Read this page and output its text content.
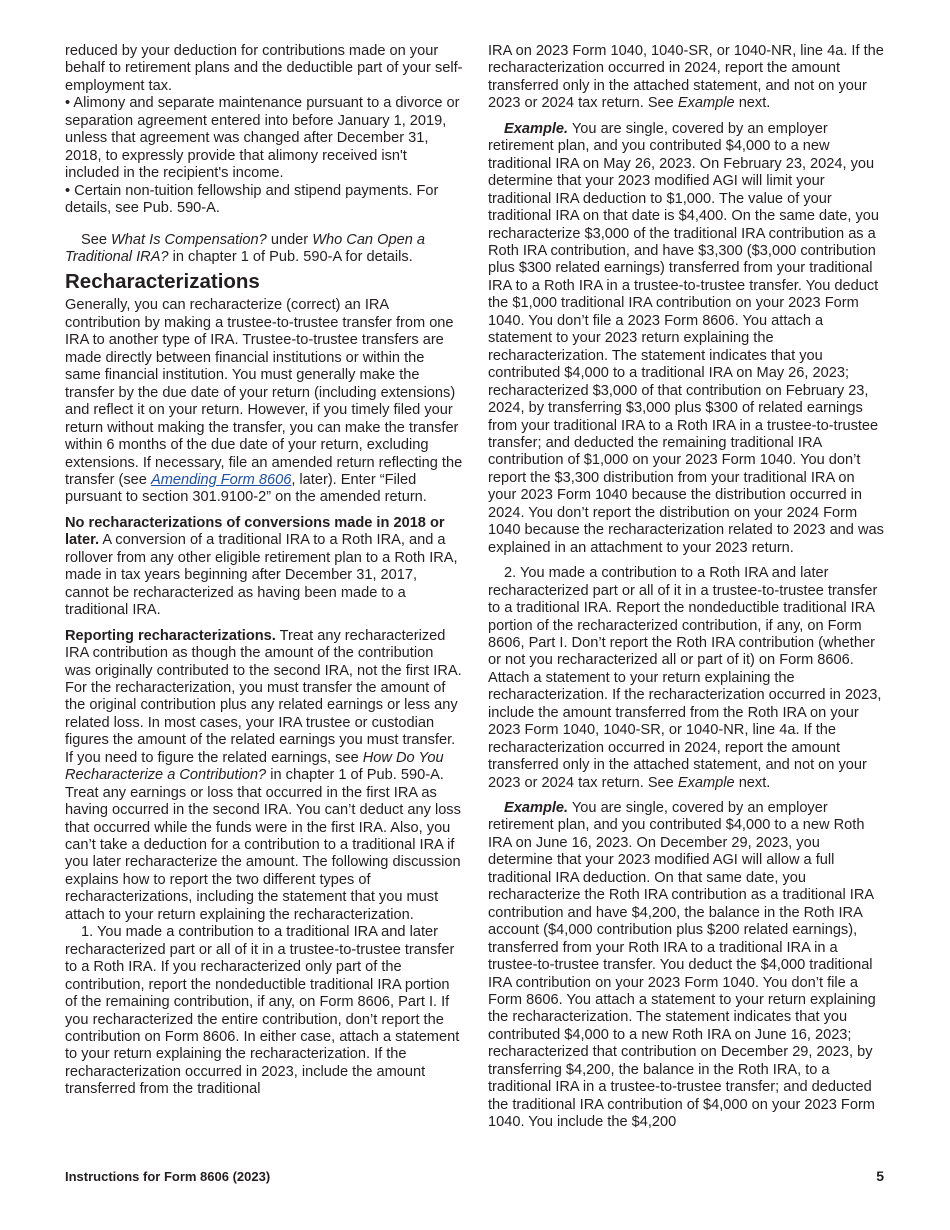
reduced by your deduction for contributions made on your behalf to retirement plans and the deductible part of your self-employment tax.

• Alimony and separate maintenance pursuant to a divorce or separation agreement entered into before January 1, 2019, unless that agreement was changed after December 31, 2018, to expressly provide that alimony received isn't included in the recipient's income.

• Certain non-tuition fellowship and stipend payments. For details, see Pub. 590-A.

See What Is Compensation? under Who Can Open a Traditional IRA? in chapter 1 of Pub. 590-A for details.

Recharacterizations

Generally, you can recharacterize (correct) an IRA contribution by making a trustee-to-trustee transfer from one IRA to another type of IRA. Trustee-to-trustee transfers are made directly between financial institutions or within the same financial institution. You must generally make the transfer by the due date of your return (including extensions) and reflect it on your return. However, if you timely filed your return without making the transfer, you can make the transfer within 6 months of the due date of your return, excluding extensions. If necessary, file an amended return reflecting the transfer (see Amending Form 8606, later). Enter “Filed pursuant to section 301.9100-2” on the amended return.

No recharacterizations of conversions made in 2018 or later. A conversion of a traditional IRA to a Roth IRA, and a rollover from any other eligible retirement plan to a Roth IRA, made in tax years beginning after December 31, 2017, cannot be recharacterized as having been made to a traditional IRA.

Reporting recharacterizations. Treat any recharacterized IRA contribution as though the amount of the contribution was originally contributed to the second IRA, not the first IRA. For the recharacterization, you must transfer the amount of the original contribution plus any related earnings or less any related loss. In most cases, your IRA trustee or custodian figures the amount of the related earnings you must transfer. If you need to figure the related earnings, see How Do You Recharacterize a Contribution? in chapter 1 of Pub. 590-A. Treat any earnings or loss that occurred in the first IRA as having occurred in the second IRA. You can’t deduct any loss that occurred while the funds were in the first IRA. Also, you can’t take a deduction for a contribution to a traditional IRA if you later recharacterize the amount. The following discussion explains how to report the two different types of recharacterizations, including the statement that you must attach to your return explaining the recharacterization.

1. You made a contribution to a traditional IRA and later recharacterized part or all of it in a trustee-to-trustee transfer to a Roth IRA. If you recharacterized only part of the contribution, report the nondeductible traditional IRA portion of the remaining contribution, if any, on Form 8606, Part I. If you recharacterized the entire contribution, don’t report the contribution on Form 8606. In either case, attach a statement to your return explaining the recharacterization. If the recharacterization occurred in 2023, include the amount transferred from the traditional

IRA on 2023 Form 1040, 1040-SR, or 1040-NR, line 4a. If the recharacterization occurred in 2024, report the amount transferred only in the attached statement, and not on your 2023 or 2024 tax return. See Example next.

Example. You are single, covered by an employer retirement plan, and you contributed $4,000 to a new traditional IRA on May 26, 2023. On February 23, 2024, you determine that your 2023 modified AGI will limit your traditional IRA deduction to $1,000. The value of your traditional IRA on that date is $4,400. On the same date, you recharacterize $3,000 of the traditional IRA contribution as a Roth IRA contribution, and have $3,300 ($3,000 contribution plus $300 related earnings) transferred from your traditional IRA to a Roth IRA in a trustee-to-trustee transfer. You deduct the $1,000 traditional IRA contribution on your 2023 Form 1040. You don’t file a 2023 Form 8606. You attach a statement to your 2023 return explaining the recharacterization. The statement indicates that you contributed $4,000 to a traditional IRA on May 26, 2023; recharacterized $3,000 of that contribution on February 23, 2024, by transferring $3,000 plus $300 of related earnings from your traditional IRA to a Roth IRA in a trustee-to-trustee transfer; and deducted the remaining traditional IRA contribution of $1,000 on your 2023 Form 1040. You don’t report the $3,300 distribution from your traditional IRA on your 2023 Form 1040 because the distribution occurred in 2024. You don’t report the distribution on your 2024 Form 1040 because the recharacterization related to 2023 and was explained in an attachment to your 2023 return.

2. You made a contribution to a Roth IRA and later recharacterized part or all of it in a trustee-to-trustee transfer to a traditional IRA. Report the nondeductible traditional IRA portion of the recharacterized contribution, if any, on Form 8606, Part I. Don’t report the Roth IRA contribution (whether or not you recharacterized all or part of it) on Form 8606. Attach a statement to your return explaining the recharacterization. If the recharacterization occurred in 2023, include the amount transferred from the Roth IRA on your 2023 Form 1040, 1040-SR, or 1040-NR, line 4a. If the recharacterization occurred in 2024, report the amount transferred only in the attached statement, and not on your 2023 or 2024 tax return. See Example next.

Example. You are single, covered by an employer retirement plan, and you contributed $4,000 to a new Roth IRA on June 16, 2023. On December 29, 2023, you determine that your 2023 modified AGI will allow a full traditional IRA deduction. On that same date, you recharacterize the Roth IRA contribution as a traditional IRA contribution and have $4,200, the balance in the Roth IRA account ($4,000 contribution plus $200 related earnings), transferred from your Roth IRA to a traditional IRA in a trustee-to-trustee transfer. You deduct the $4,000 traditional IRA contribution on your 2023 Form 1040. You don’t file a Form 8606. You attach a statement to your return explaining the recharacterization. The statement indicates that you contributed $4,000 to a new Roth IRA on June 16, 2023; recharacterized that contribution on December 29, 2023, by transferring $4,200, the balance in the Roth IRA, to a traditional IRA in a trustee-to-trustee transfer; and deducted the traditional IRA contribution of $4,000 on your 2023 Form 1040. You include the $4,200

Instructions for Form 8606 (2023)	5
